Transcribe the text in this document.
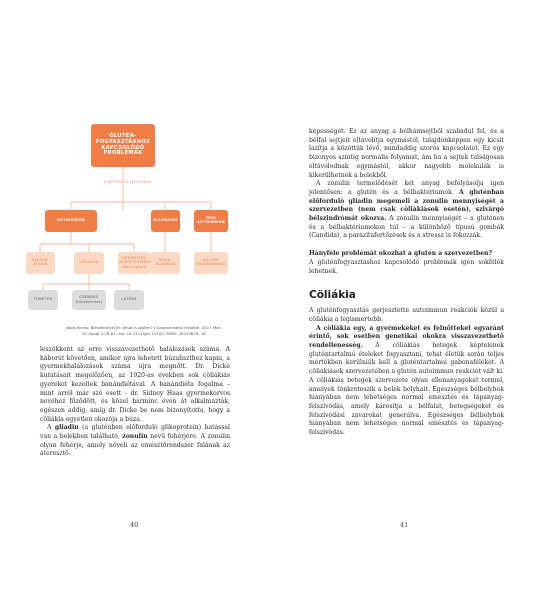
GLUTÉN-FOGYASZTÁSHOZ KAPCSOLÓDÓ PROBLÉMÁK
A BETEGSÉG LEFOLYÁSA
AUTOIMMUN	ALLERGIÁS	NEM AUTOIMMUN
GLUTEN-ATAXIA	CÖLIÁKIA
DERMATITIS HERPETIFORMIS
(Duhring-kór)
BÚZA-ALLERGIA
GLUTÉN-ÉRZÉKENYSÉG
TÜNETES
CSENDES
(tünetmentes)
LÁTENS
Ábra forrás: Biesiekierski JR: What is gluten? J Gastroenterol Hepatol. 2017 Mar; 32 Suppl 1:78-81. doi: 10.1111/jgh.13703. PMID: 28244676. 18

leszökkent az erre visszavezethető halálozások száma. A háborút követően, amikor újra lehetett búzaliszthez kapni, a gyermekhalálozások száma újra megnőtt. Dr. Dicke kutatásait megelőzően, az 1920-as években sok cöliákiás gyereket kezeltek banándiétával. A banándiéta fogalma – mint arról már szó esett - dr. Sidney Haas gyermekorvos nevéhez fűződött, és közel harminc éven át alkalmazták, egészen addig, amíg dr. Dicke be nem bizonyította, hogy a cöliákia egyetlen okozója a búza.

A gliadin (a gluténben előforduló glikoprotein) hatással van a belekben található, zonulin nevű fehérjére. A zonulin olyan fehérje, amely növeli az emésztőrendszer falának az áteresztő-

40

képességét. Ez az anyag a bélhámsejtből szabadul fel, és a bélfal sejtjeit eltávolítja egymástól, tulajdonképpen egy kicsit lazítja a közöttük lévő, mindaddig szoros kapcsolatot. Ez egy bizonyos szintig normális folyamat, ám ha a sejtek túlságosan eltávolodnak egymástól, akkor nagyobb molekulák is kikerülhetnek a belekből.

A zonulin termelődését két anyag befolyásolja igen jelentősen: a glutén és a bélbaktériumok. A gluténban előforduló gliadin megemeli a zonulin mennyiségét a szervezetben (nem csak cöliákiások esetén), szivárgó bélszindrómát okozva. A zonulin mennyiségét – a gluténen és a bélbaktériumokon túl – a különböző típusú gombák (Candida), a parazitafertőzések és a stressz is fokozzák.

Hányféle problémát okozhat a glutén a szervezetben?

A gluténfogyasztáshoz kapcsolódó problémák igen sokfélék lehetnek.

Cöliákia

A gluténfogyasztás gerjesztette autoimmun reakciók közül a cöliákia a legismertebb.

A cöliákia egy, a gyermekeket és felnőtteket egyaránt érintő, sok esetben genetikai okokra visszavezethető rendellenesség. A cöliákiás betegek képtelenek gluténtartalmú ételeket fogyasztani, tehát életük során teljes mértékben kerülniük kell a gluténtartalmú gabonaféléket. A cöliákiások szervezetében a glutén autoimmun reakciót vált ki. A cöliákiás betegek szervezete olyan ellenanyagokat termel, amelyek tönkreteszik a belek bolyhait. Egészséges bélbolyhok hiányában nem lehetséges normál emésztés és tápanyag-felszívódás, amely károsítja a bélfalat, betegségeket és felszívódási zavarokat generálva. Egészséges bélbolyhok hiányában nem lehetséges normál emésztés és tápanyag-felszívódás.

41
